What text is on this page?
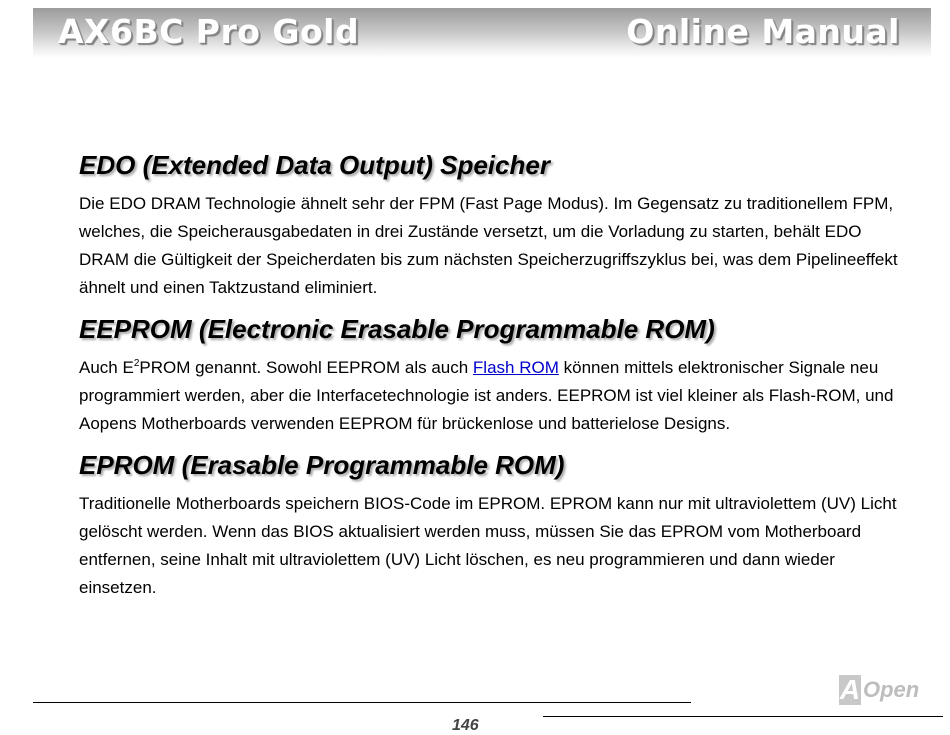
AX6BC Pro Gold	Online Manual
EDO (Extended Data Output) Speicher

Die EDO DRAM Technologie ähnelt sehr der FPM (Fast Page Modus). Im Gegensatz zu traditionellem FPM, welches, die Speicherausgabedaten in drei Zustände versetzt, um die Vorladung zu starten, behält EDO DRAM die Gültigkeit der Speicherdaten bis zum nächsten Speicherzugriffszyklus bei, was dem Pipelineeffekt ähnelt und einen Taktzustand eliminiert.

EEPROM (Electronic Erasable Programmable ROM)

Auch $E^2PROM$ genannt. Sowohl EEPROM als auch Flash ROM können mittels elektronischer Signale neu programmiert werden, aber die Interfacetechnologie ist anders. EEPROM ist viel kleiner als Flash-ROM, und Aopens Motherboards verwenden EEPROM für brückenlose und batterielose Designs.

EPROM (Erasable Programmable ROM)

Traditionelle Motherboards speichern BIOS-Code im EPROM. EPROM kann nur mit ultraviolettem (UV) Licht gelöscht werden. Wenn das BIOS aktualisiert werden muss, müssen Sie das EPROM vom Motherboard entfernen, seine Inhalt mit ultraviolettem (UV) Licht löschen, es neu programmieren und dann wieder einsetzen.

146
A Open
